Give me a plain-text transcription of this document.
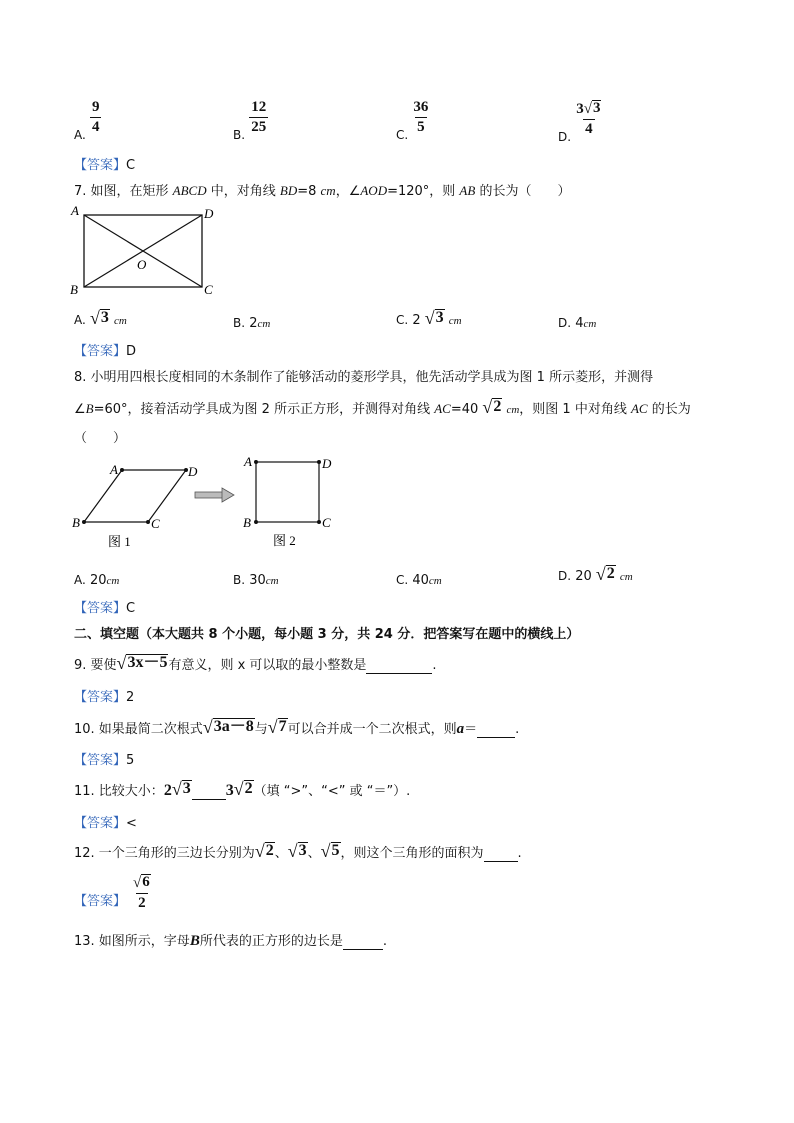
A. $\frac{9}{4}$	B. $\frac{12}{25}$	C. $\frac{36}{5}$
D. $\frac{3 √ 3}{4}$
【答案】C
7. 如图，在矩形 ABCD 中，对角线 BD=8 cm，∠AOD=120°，则 AB 的长为（　　）
A	D
B	C
O
A. √ 3 cm	B. 2cm	C. 2 √ 3 cm	D. 4cm
【答案】D
8. 小明用四根长度相同的木条制作了能够活动的菱形学具，他先活动学具成为图 1 所示菱形，并测得
∠B=60°，接着活动学具成为图 2 所示正方形，并测得对角线 AC=40 √ 2 cm，则图 1 中对角线 AC 的长为
（　　）
A	D
B	C
图 1
A	D
B	C
图 2
A. 20cm	B. 30cm	C. 40cm	D. 20 √ 2 cm
【答案】C
二、填空题（本大题共 8 个小题，每小题 3 分，共 24 分．把答案写在题中的横线上）
9. 要使 √ 3x－5 有意义，则 x 可以取的最小整数是	.
【答案】2
10. 如果最简二次根式 √ 3a－8 与 √ 7 可以合并成一个二次根式，则a＝	.
【答案】5
11. 比较大小： 2 √ 3
3 √ 2 （填 “>”、“<” 或 “＝”）.
【答案】<
12. 一个三角形的三边长分别为 √ 2 、 √ 3 、 √ 5 ，则这个三角形的面积为	.
【答案】 $\frac{√ 6}{2}$
13. 如图所示，字母B所代表的正方形的边长是	.
